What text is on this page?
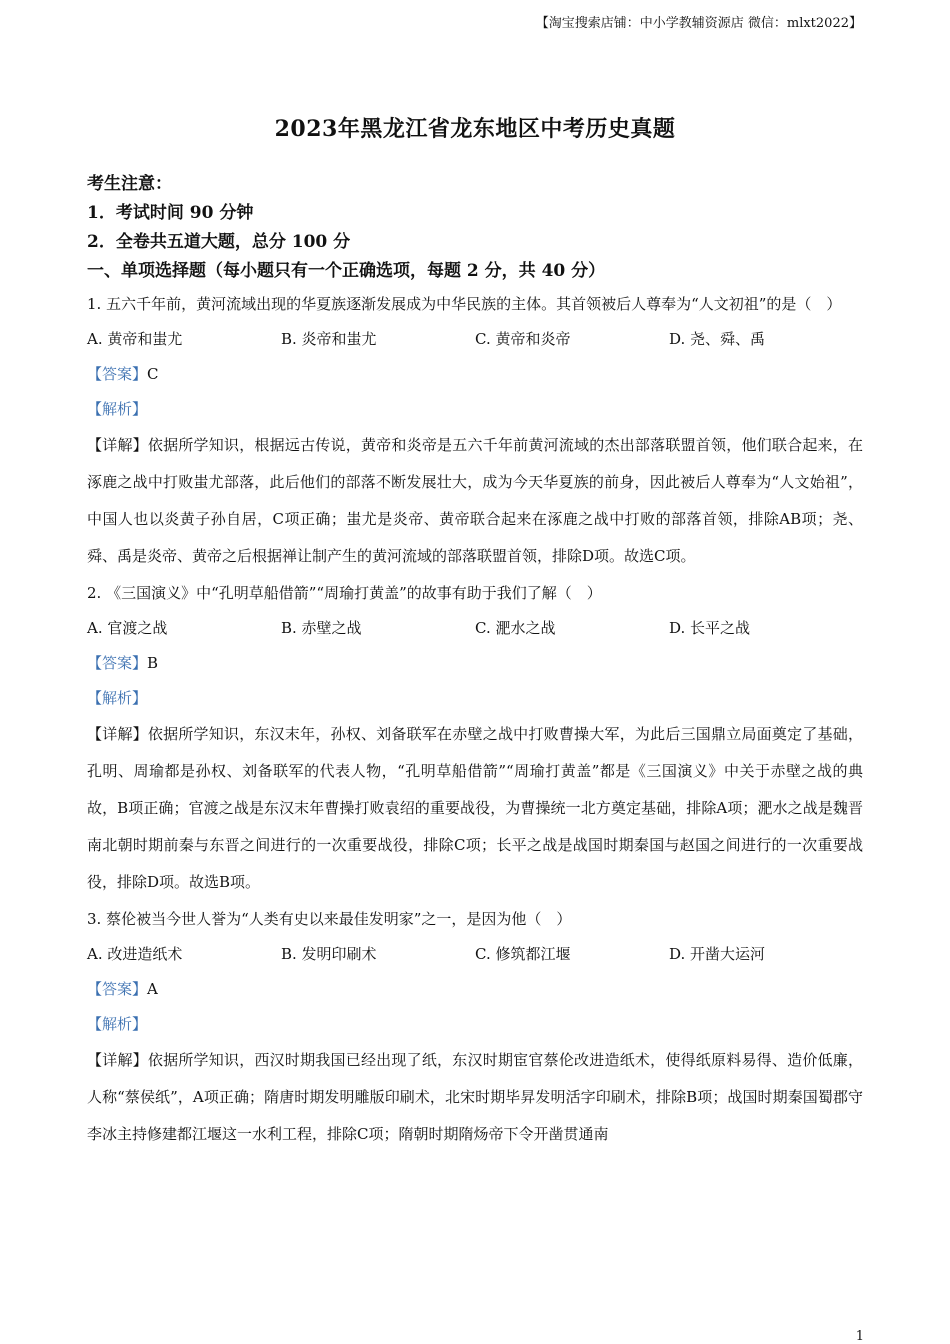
【淘宝搜索店铺：中小学教辅资源店 微信：mlxt2022】
2023年黑龙江省龙东地区中考历史真题
考生注意：
1．考试时间 90 分钟
2．全卷共五道大题，总分 100 分
一、单项选择题（每小题只有一个正确选项，每题 2 分，共 40 分）
1. 五六千年前，黄河流域出现的华夏族逐渐发展成为中华民族的主体。其首领被后人尊奉为“人文初祖”的是（　）
A. 黄帝和蚩尤	B. 炎帝和蚩尤	C. 黄帝和炎帝	D. 尧、舜、禹
【答案】C
【解析】
【详解】依据所学知识，根据远古传说，黄帝和炎帝是五六千年前黄河流域的杰出部落联盟首领，他们联合起来，在涿鹿之战中打败蚩尤部落，此后他们的部落不断发展壮大，成为今天华夏族的前身，因此被后人尊奉为“人文始祖”，中国人也以炎黄子孙自居，C项正确；蚩尤是炎帝、黄帝联合起来在涿鹿之战中打败的部落首领，排除AB项；尧、舜、禹是炎帝、黄帝之后根据禅让制产生的黄河流域的部落联盟首领，排除D项。故选C项。
2. 《三国演义》中“孔明草船借箭”“周瑜打黄盖”的故事有助于我们了解（　）
A. 官渡之战	B. 赤壁之战	C. 淝水之战	D. 长平之战
【答案】B
【解析】
【详解】依据所学知识，东汉末年，孙权、刘备联军在赤壁之战中打败曹操大军，为此后三国鼎立局面奠定了基础，孔明、周瑜都是孙权、刘备联军的代表人物，“孔明草船借箭”“周瑜打黄盖”都是《三国演义》中关于赤壁之战的典故，B项正确；官渡之战是东汉末年曹操打败袁绍的重要战役，为曹操统一北方奠定基础，排除A项；淝水之战是魏晋南北朝时期前秦与东晋之间进行的一次重要战役，排除C项；长平之战是战国时期秦国与赵国之间进行的一次重要战役，排除D项。故选B项。
3. 蔡伦被当今世人誉为“人类有史以来最佳发明家”之一，是因为他（　）
A. 改进造纸术	B. 发明印刷术	C. 修筑都江堰	D. 开凿大运河
【答案】A
【解析】
【详解】依据所学知识，西汉时期我国已经出现了纸，东汉时期宦官蔡伦改进造纸术，使得纸原料易得、造价低廉，人称“蔡侯纸”，A项正确；隋唐时期发明雕版印刷术，北宋时期毕昇发明活字印刷术，排除B项；战国时期秦国蜀郡守李冰主持修建都江堰这一水利工程，排除C项；隋朝时期隋炀帝下令开凿贯通南
1
